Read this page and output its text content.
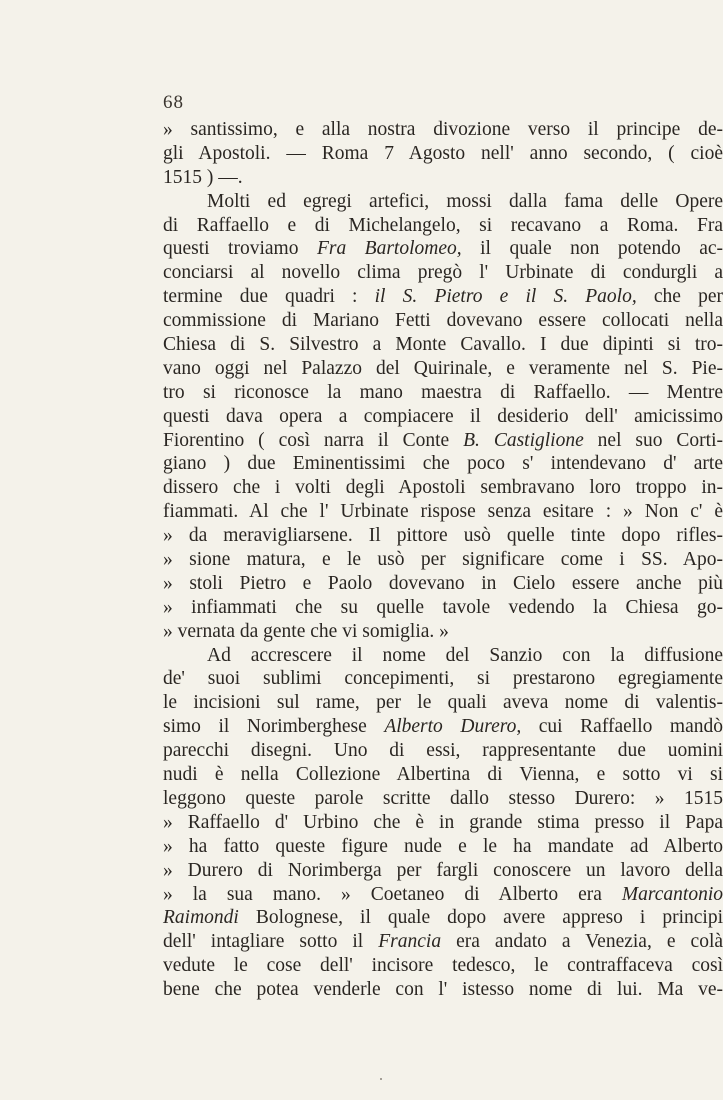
68
» santissimo, e alla nostra divozione verso il principe de-
gli Apostoli. — Roma 7 Agosto nell' anno secondo, ( cioè
1515 ) —.
Molti ed egregi artefici, mossi dalla fama delle Opere
di Raffaello e di Michelangelo, si recavano a Roma. Fra
questi troviamo Fra Bartolomeo, il quale non potendo ac-
conciarsi al novello clima pregò l' Urbinate di condurgli a
termine due quadri : il S. Pietro e il S. Paolo, che per
commissione di Mariano Fetti dovevano essere collocati nella
Chiesa di S. Silvestro a Monte Cavallo. I due dipinti si tro-
vano oggi nel Palazzo del Quirinale, e veramente nel S. Pie-
tro si riconosce la mano maestra di Raffaello. — Mentre
questi dava opera a compiacere il desiderio dell' amicissimo
Fiorentino ( così narra il Conte B. Castiglione nel suo Corti-
giano ) due Eminentissimi che poco s' intendevano d' arte
dissero che i volti degli Apostoli sembravano loro troppo in-
fiammati. Al che l' Urbinate rispose senza esitare : » Non c' è
» da meravigliarsene. Il pittore usò quelle tinte dopo rifles-
» sione matura, e le usò per significare come i SS. Apo-
» stoli Pietro e Paolo dovevano in Cielo essere anche più
» infiammati che su quelle tavole vedendo la Chiesa go-
» vernata da gente che vi somiglia. »
Ad accrescere il nome del Sanzio con la diffusione
de' suoi sublimi concepimenti, si prestarono egregiamente
le incisioni sul rame, per le quali aveva nome di valentis-
simo il Norimberghese Alberto Durero, cui Raffaello mandò
parecchi disegni. Uno di essi, rappresentante due uomini
nudi è nella Collezione Albertina di Vienna, e sotto vi si
leggono queste parole scritte dallo stesso Durero: » 1515
» Raffaello d' Urbino che è in grande stima presso il Papa
» ha fatto queste figure nude e le ha mandate ad Alberto
» Durero di Norimberga per fargli conoscere un lavoro della
» la sua mano. » Coetaneo di Alberto era Marcantonio
Raimondi Bolognese, il quale dopo avere appreso i principi
dell' intagliare sotto il Francia era andato a Venezia, e colà
vedute le cose dell' incisore tedesco, le contraffaceva così
bene che potea venderle con l' istesso nome di lui. Ma ve-
